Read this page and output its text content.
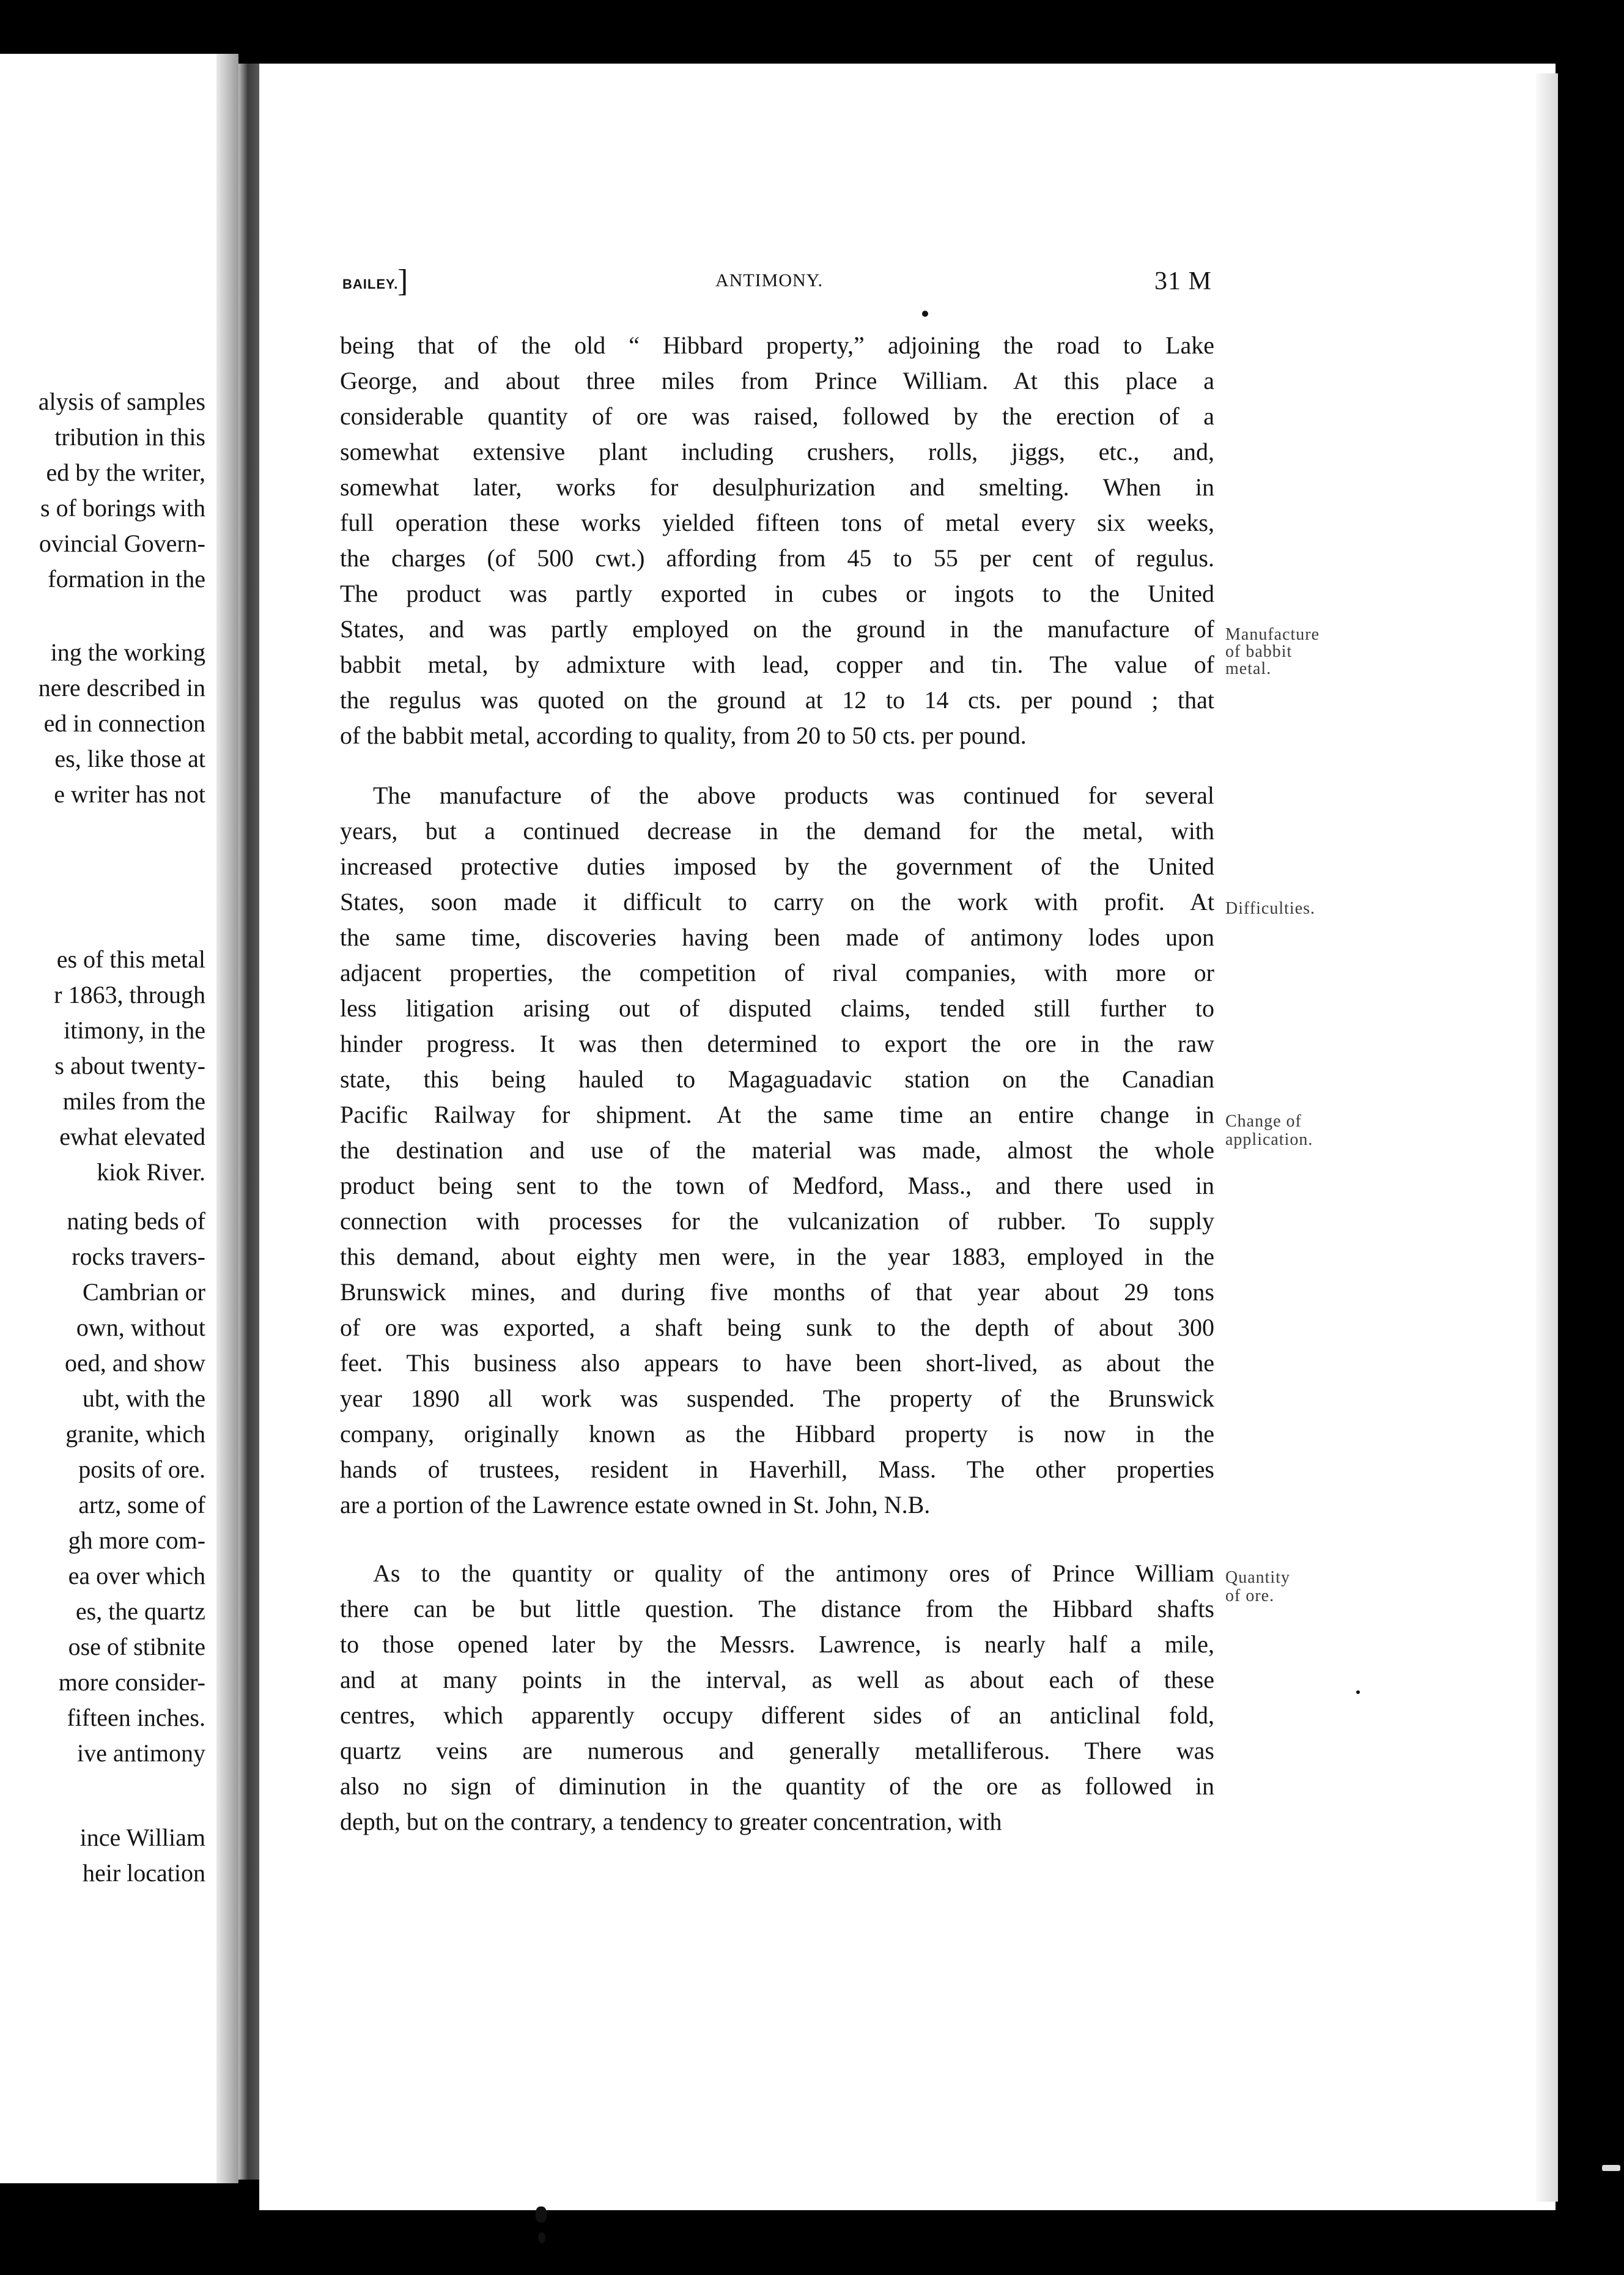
alysis of samples
tribution in this
ed by the writer,
s of borings with
ovincial Govern-
formation in the
ing the working
nere described in
ed in connection
es, like those at
e writer has not
es of this metal
r 1863, through
itimony, in the
s about twenty-
miles from the
ewhat elevated
kiok River.
nating beds of
rocks travers-
Cambrian or
own, without
oed, and show
ubt, with the
granite, which
posits of ore.
artz, some of
gh more com-
ea over which
es, the quartz
ose of stibnite
more consider-
fifteen inches.
ive antimony
ince William
heir location
BAILEY.
]	ANTIMONY.	31 M
being that of the old “ Hibbard property,” adjoining the road to Lake
George, and about three miles from Prince William. At this place a
considerable quantity of ore was raised, followed by the erection of a
somewhat extensive plant including crushers, rolls, jiggs, etc., and,
somewhat later, works for desulphurization and smelting. When in
full operation these works yielded fifteen tons of metal every six weeks,
the charges (of 500 cwt.) affording from 45 to 55 per cent of regulus.
The product was partly exported in cubes or ingots to the United
States, and was partly employed on the ground in the manufacture of
babbit metal, by admixture with lead, copper and tin. The value of
the regulus was quoted on the ground at 12 to 14 cts. per pound ; that
of the babbit metal, according to quality, from 20 to 50 cts. per pound.
The manufacture of the above products was continued for several
years, but a continued decrease in the demand for the metal, with
increased protective duties imposed by the government of the United
States, soon made it difficult to carry on the work with profit. At
the same time, discoveries having been made of antimony lodes upon
adjacent properties, the competition of rival companies, with more or
less litigation arising out of disputed claims, tended still further to
hinder progress. It was then determined to export the ore in the raw
state, this being hauled to Magaguadavic station on the Canadian
Pacific Railway for shipment. At the same time an entire change in
the destination and use of the material was made, almost the whole
product being sent to the town of Medford, Mass., and there used in
connection with processes for the vulcanization of rubber. To supply
this demand, about eighty men were, in the year 1883, employed in the
Brunswick mines, and during five months of that year about 29 tons
of ore was exported, a shaft being sunk to the depth of about 300
feet. This business also appears to have been short-lived, as about the
year 1890 all work was suspended. The property of the Brunswick
company, originally known as the Hibbard property is now in the
hands of trustees, resident in Haverhill, Mass. The other properties
are a portion of the Lawrence estate owned in St. John, N.B.
As to the quantity or quality of the antimony ores of Prince William
there can be but little question. The distance from the Hibbard shafts
to those opened later by the Messrs. Lawrence, is nearly half a mile,
and at many points in the interval, as well as about each of these
centres, which apparently occupy different sides of an anticlinal fold,
quartz veins are numerous and generally metalliferous. There was
also no sign of diminution in the quantity of the ore as followed in
depth, but on the contrary, a tendency to greater concentration, with
Manufacture
of babbit
metal.
Difficulties.
Change of
application.
Quantity
of ore.
